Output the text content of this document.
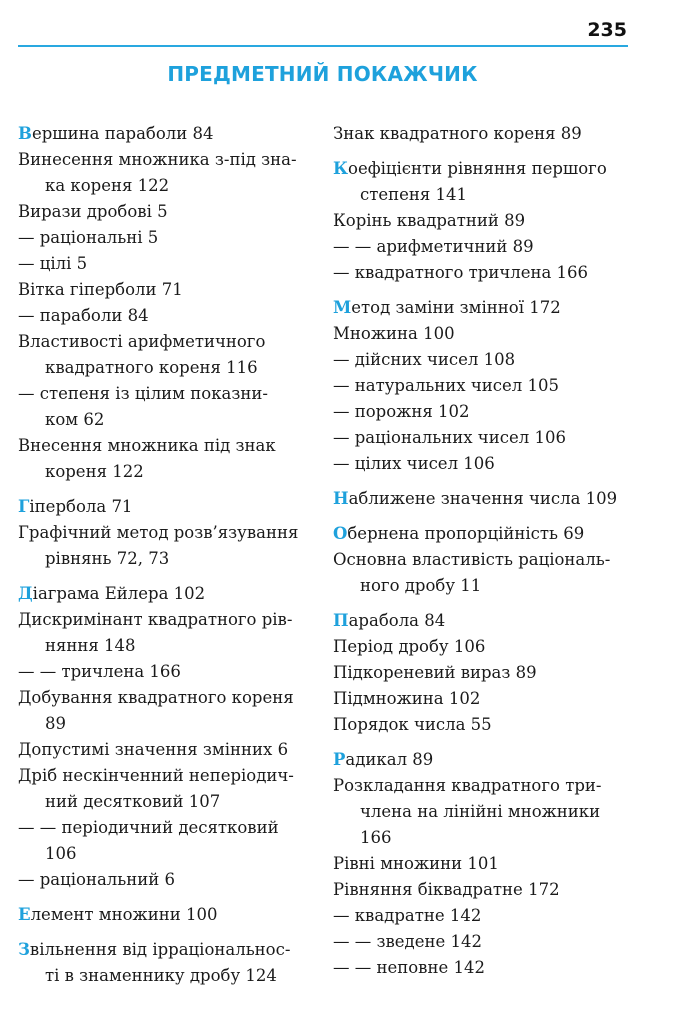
235
ПРЕДМЕТНИЙ ПОКАЖЧИК
Вершина параболи 84
Винесення множника з-під зна-
ка кореня 122
Вирази дробові 5
— раціональні 5
— цілі 5
Вітка гіперболи 71
— параболи 84
Властивості арифметичного
квадратного кореня 116
— степеня із цілим показни-
ком 62
Внесення множника під знак
кореня 122
Гіпербола 71
Графічний метод розв’язування
рівнянь 72, 73
Діаграма Ейлера 102
Дискримінант квадратного рів-
няння 148
— — тричлена 166
Добування квадратного кореня
89
Допустимі значення змінних 6
Дріб нескінченний неперіодич-
ний десятковий 107
— — періодичний десятковий
106
— раціональний 6
Елемент множини 100
Звільнення від ірраціональнос-
ті в знаменнику дробу 124
Знак квадратного кореня 89
Коефіцієнти рівняння першого
степеня 141
Корінь квадратний 89
— — арифметичний 89
— квадратного тричлена 166
Метод заміни змінної 172
Множина 100
— дійсних чисел 108
— натуральних чисел 105
— порожня 102
— раціональних чисел 106
— цілих чисел 106
Наближене значення числа 109
Обернена пропорційність 69
Основна властивість раціональ-
ного дробу 11
Парабола 84
Період дробу 106
Підкореневий вираз 89
Підмножина 102
Порядок числа 55
Радикал 89
Розкладання квадратного три-
члена на лінійні множники
166
Рівні множини 101
Рівняння біквадратне 172
— квадратне 142
— — зведене 142
— — неповне 142
